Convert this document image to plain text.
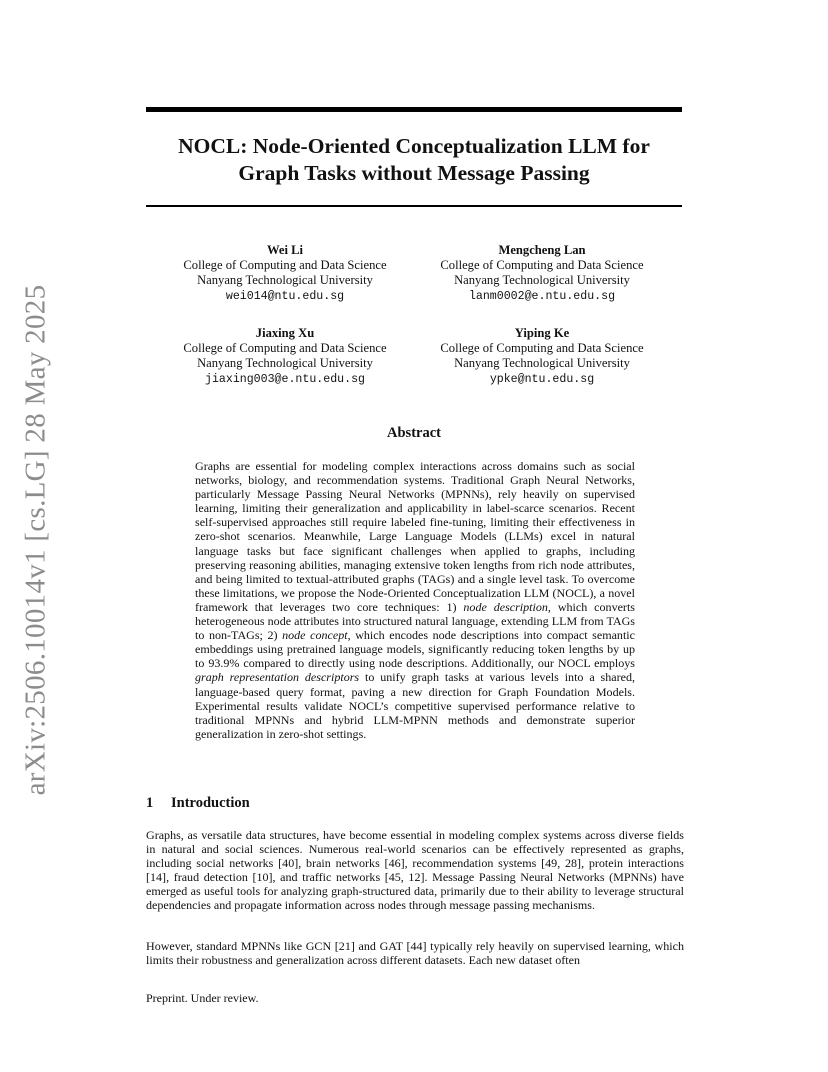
arXiv:2506.10014v1 [cs.LG] 28 May 2025
NOCL: Node-Oriented Conceptualization LLM for
Graph Tasks without Message Passing
Wei Li
College of Computing and Data Science
Nanyang Technological University
wei014@ntu.edu.sg
Mengcheng Lan
College of Computing and Data Science
Nanyang Technological University
lanm0002@e.ntu.edu.sg
Jiaxing Xu
College of Computing and Data Science
Nanyang Technological University
jiaxing003@e.ntu.edu.sg
Yiping Ke
College of Computing and Data Science
Nanyang Technological University
ypke@ntu.edu.sg
Abstract
Graphs are essential for modeling complex interactions across domains such as social networks, biology, and recommendation systems. Traditional Graph Neural Networks, particularly Message Passing Neural Networks (MPNNs), rely heavily on supervised learning, limiting their generalization and applicability in label-scarce scenarios. Recent self-supervised approaches still require labeled fine-tuning, limiting their effectiveness in zero-shot scenarios. Meanwhile, Large Language Models (LLMs) excel in natural language tasks but face significant challenges when applied to graphs, including preserving reasoning abilities, managing extensive token lengths from rich node attributes, and being limited to textual-attributed graphs (TAGs) and a single level task. To overcome these limitations, we propose the Node-Oriented Conceptualization LLM (NOCL), a novel framework that leverages two core techniques: 1) node description, which converts heterogeneous node attributes into structured natural language, extending LLM from TAGs to non-TAGs; 2) node concept, which encodes node descriptions into compact semantic embeddings using pretrained language models, significantly reducing token lengths by up to 93.9% compared to directly using node descriptions. Additionally, our NOCL employs graph representation descriptors to unify graph tasks at various levels into a shared, language-based query format, paving a new direction for Graph Foundation Models. Experimental results validate NOCL’s competitive supervised performance relative to traditional MPNNs and hybrid LLM-MPNN methods and demonstrate superior generalization in zero-shot settings.
1 Introduction
Graphs, as versatile data structures, have become essential in modeling complex systems across diverse fields in natural and social sciences. Numerous real-world scenarios can be effectively represented as graphs, including social networks [40], brain networks [46], recommendation systems [49, 28], protein interactions [14], fraud detection [10], and traffic networks [45, 12]. Message Passing Neural Networks (MPNNs) have emerged as useful tools for analyzing graph-structured data, primarily due to their ability to leverage structural dependencies and propagate information across nodes through message passing mechanisms.
However, standard MPNNs like GCN [21] and GAT [44] typically rely heavily on supervised learning, which limits their robustness and generalization across different datasets. Each new dataset often
Preprint. Under review.
